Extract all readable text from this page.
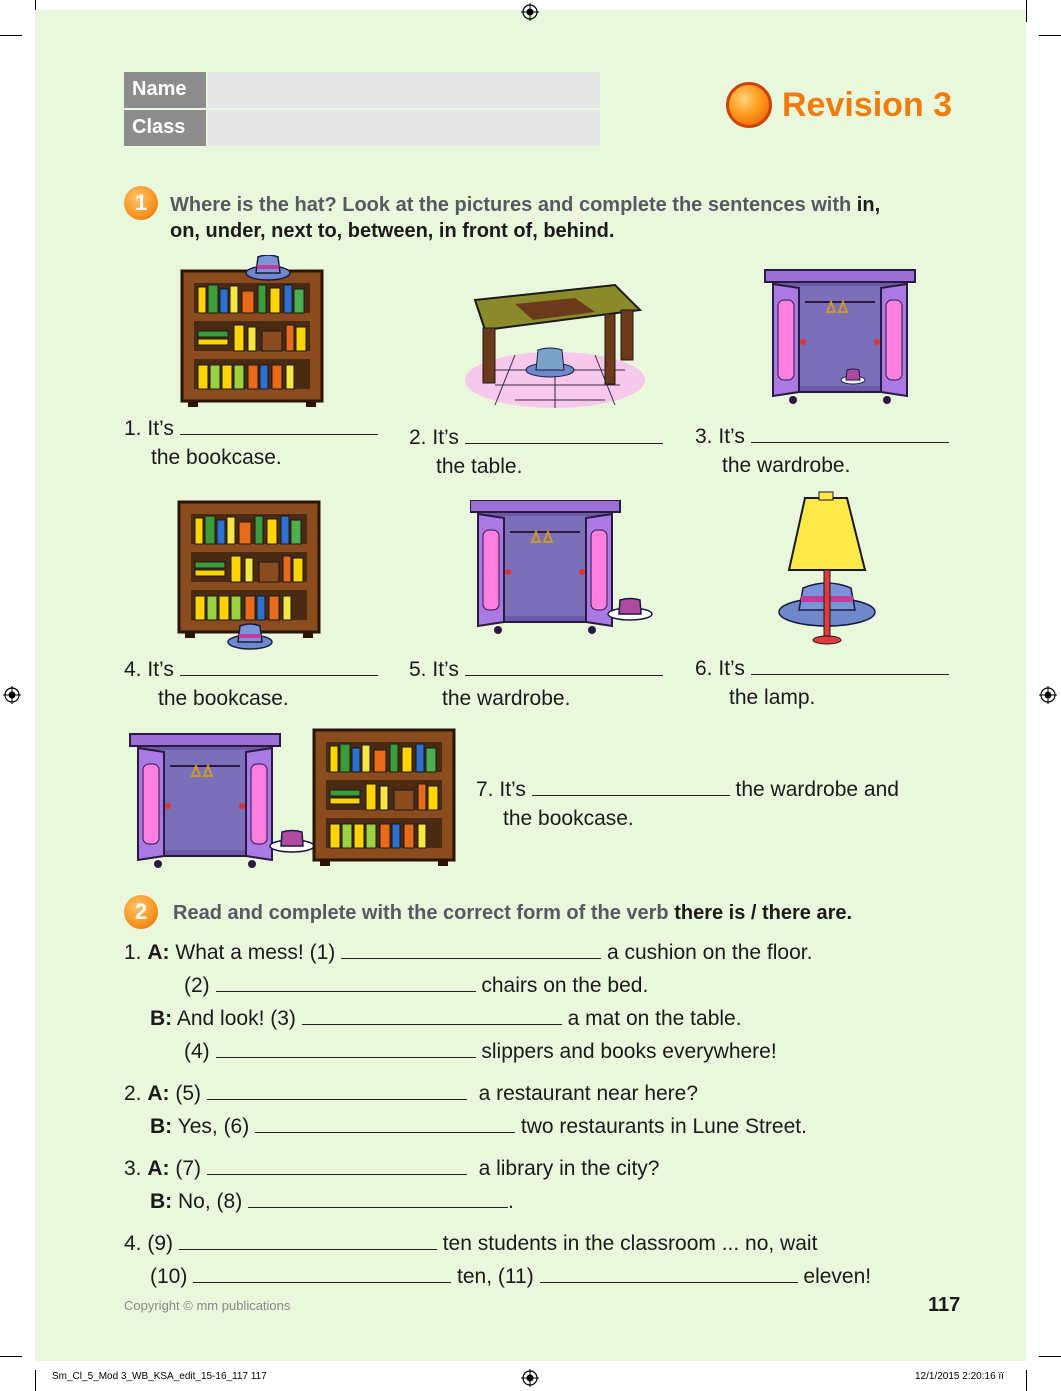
Name
Class
Revision 3
1	Where is the hat? Look at the pictures and complete the sentences with in,
on, under, next to, between, in front of, behind.
1. It’s
the bookcase.
2. It’s
the table.
3. It’s
the wardrobe.
4. It’s
the bookcase.
5. It’s
the wardrobe.
6. It’s
the lamp.
7. It’s	the wardrobe and
the bookcase.
2	Read and complete with the correct form of the verb there is / there are.
1. A: What a mess! (1)	a cushion on the floor.
(2)	chairs on the bed.
B: And look! (3)	a mat on the table.
(4)	slippers and books everywhere!
2. A: (5)	a restaurant near here?
B: Yes, (6)	two restaurants in Lune Street.
3. A: (7)	a library in the city?
B: No, (8)	.
4. (9)	ten students in the classroom ... no, wait
(10)	ten, (11)	eleven!
Copyright © mm publications	117
Sm_Cl_5_Mod 3_WB_KSA_edit_15-16_117 117	12/1/2015 2:20:16 ïï
